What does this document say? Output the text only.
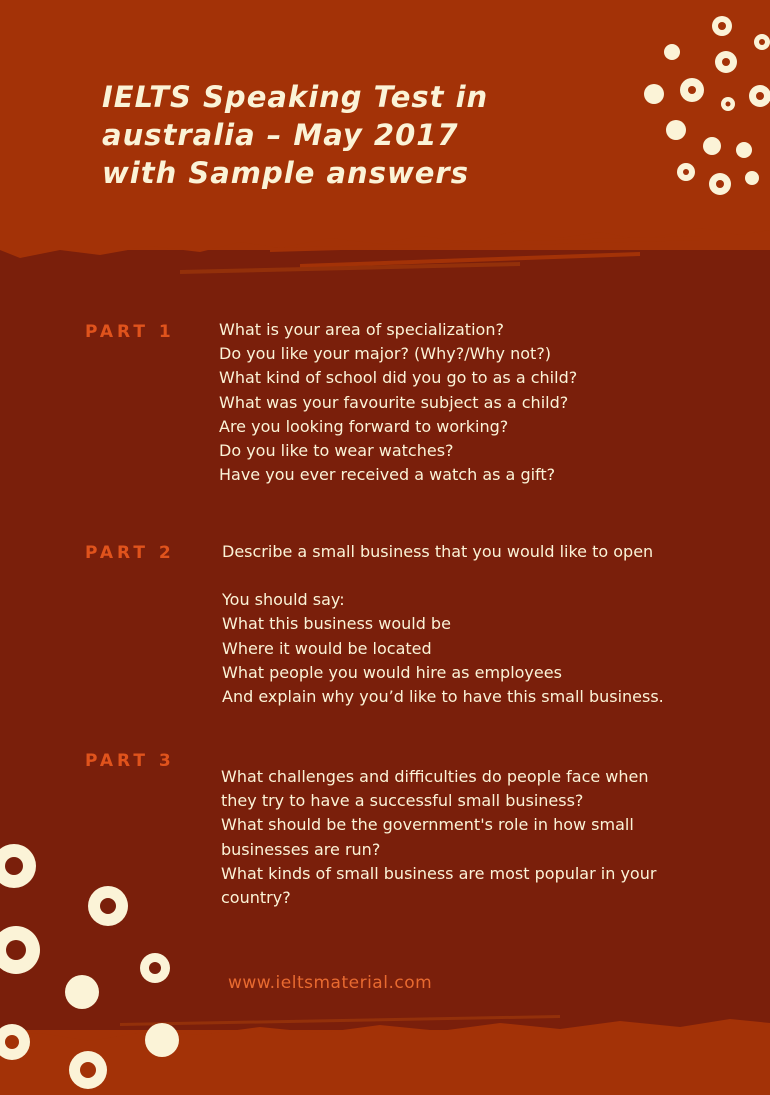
IELTS Speaking Test in
australia – May 2017
with Sample answers
PART 1	What is your area of specialization?
Do you like your major? (Why?/Why not?)
What kind of school did you go to as a child?
What was your favourite subject as a child?
Are you looking forward to working?
Do you like to wear watches?
Have you ever received a watch as a gift?
PART 2	Describe a small business that you would like to open
You should say:
What this business would be
Where it would be located
What people you would hire as employees
And explain why you’d like to have this small business.
PART 3
What challenges and difficulties do people face when
they try to have a successful small business?
What should be the government's role in how small
businesses are run?
What kinds of small business are most popular in your
country?

www.ieltsmaterial.com
